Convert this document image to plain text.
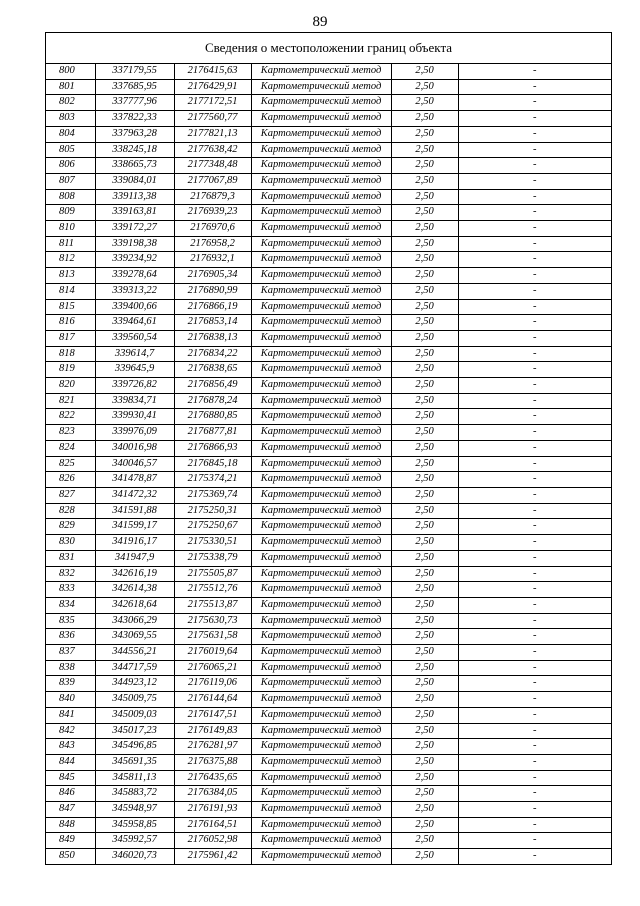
89
Сведения о местоположении границ объекта
800	337179,55	2176415,63	Картометрический метод	2,50	-
801	337685,95	2176429,91	Картометрический метод	2,50	-
802	337777,96	2177172,51	Картометрический метод	2,50	-
803	337822,33	2177560,77	Картометрический метод	2,50	-
804	337963,28	2177821,13	Картометрический метод	2,50	-
805	338245,18	2177638,42	Картометрический метод	2,50	-
806	338665,73	2177348,48	Картометрический метод	2,50	-
807	339084,01	2177067,89	Картометрический метод	2,50	-
808	339113,38	2176879,3	Картометрический метод	2,50	-
809	339163,81	2176939,23	Картометрический метод	2,50	-
810	339172,27	2176970,6	Картометрический метод	2,50	-
811	339198,38	2176958,2	Картометрический метод	2,50	-
812	339234,92	2176932,1	Картометрический метод	2,50	-
813	339278,64	2176905,34	Картометрический метод	2,50	-
814	339313,22	2176890,99	Картометрический метод	2,50	-
815	339400,66	2176866,19	Картометрический метод	2,50	-
816	339464,61	2176853,14	Картометрический метод	2,50	-
817	339560,54	2176838,13	Картометрический метод	2,50	-
818	339614,7	2176834,22	Картометрический метод	2,50	-
819	339645,9	2176838,65	Картометрический метод	2,50	-
820	339726,82	2176856,49	Картометрический метод	2,50	-
821	339834,71	2176878,24	Картометрический метод	2,50	-
822	339930,41	2176880,85	Картометрический метод	2,50	-
823	339976,09	2176877,81	Картометрический метод	2,50	-
824	340016,98	2176866,93	Картометрический метод	2,50	-
825	340046,57	2176845,18	Картометрический метод	2,50	-
826	341478,87	2175374,21	Картометрический метод	2,50	-
827	341472,32	2175369,74	Картометрический метод	2,50	-
828	341591,88	2175250,31	Картометрический метод	2,50	-
829	341599,17	2175250,67	Картометрический метод	2,50	-
830	341916,17	2175330,51	Картометрический метод	2,50	-
831	341947,9	2175338,79	Картометрический метод	2,50	-
832	342616,19	2175505,87	Картометрический метод	2,50	-
833	342614,38	2175512,76	Картометрический метод	2,50	-
834	342618,64	2175513,87	Картометрический метод	2,50	-
835	343066,29	2175630,73	Картометрический метод	2,50	-
836	343069,55	2175631,58	Картометрический метод	2,50	-
837	344556,21	2176019,64	Картометрический метод	2,50	-
838	344717,59	2176065,21	Картометрический метод	2,50	-
839	344923,12	2176119,06	Картометрический метод	2,50	-
840	345009,75	2176144,64	Картометрический метод	2,50	-
841	345009,03	2176147,51	Картометрический метод	2,50	-
842	345017,23	2176149,83	Картометрический метод	2,50	-
843	345496,85	2176281,97	Картометрический метод	2,50	-
844	345691,35	2176375,88	Картометрический метод	2,50	-
845	345811,13	2176435,65	Картометрический метод	2,50	-
846	345883,72	2176384,05	Картометрический метод	2,50	-
847	345948,97	2176191,93	Картометрический метод	2,50	-
848	345958,85	2176164,51	Картометрический метод	2,50	-
849	345992,57	2176052,98	Картометрический метод	2,50	-
850	346020,73	2175961,42	Картометрический метод	2,50	-
